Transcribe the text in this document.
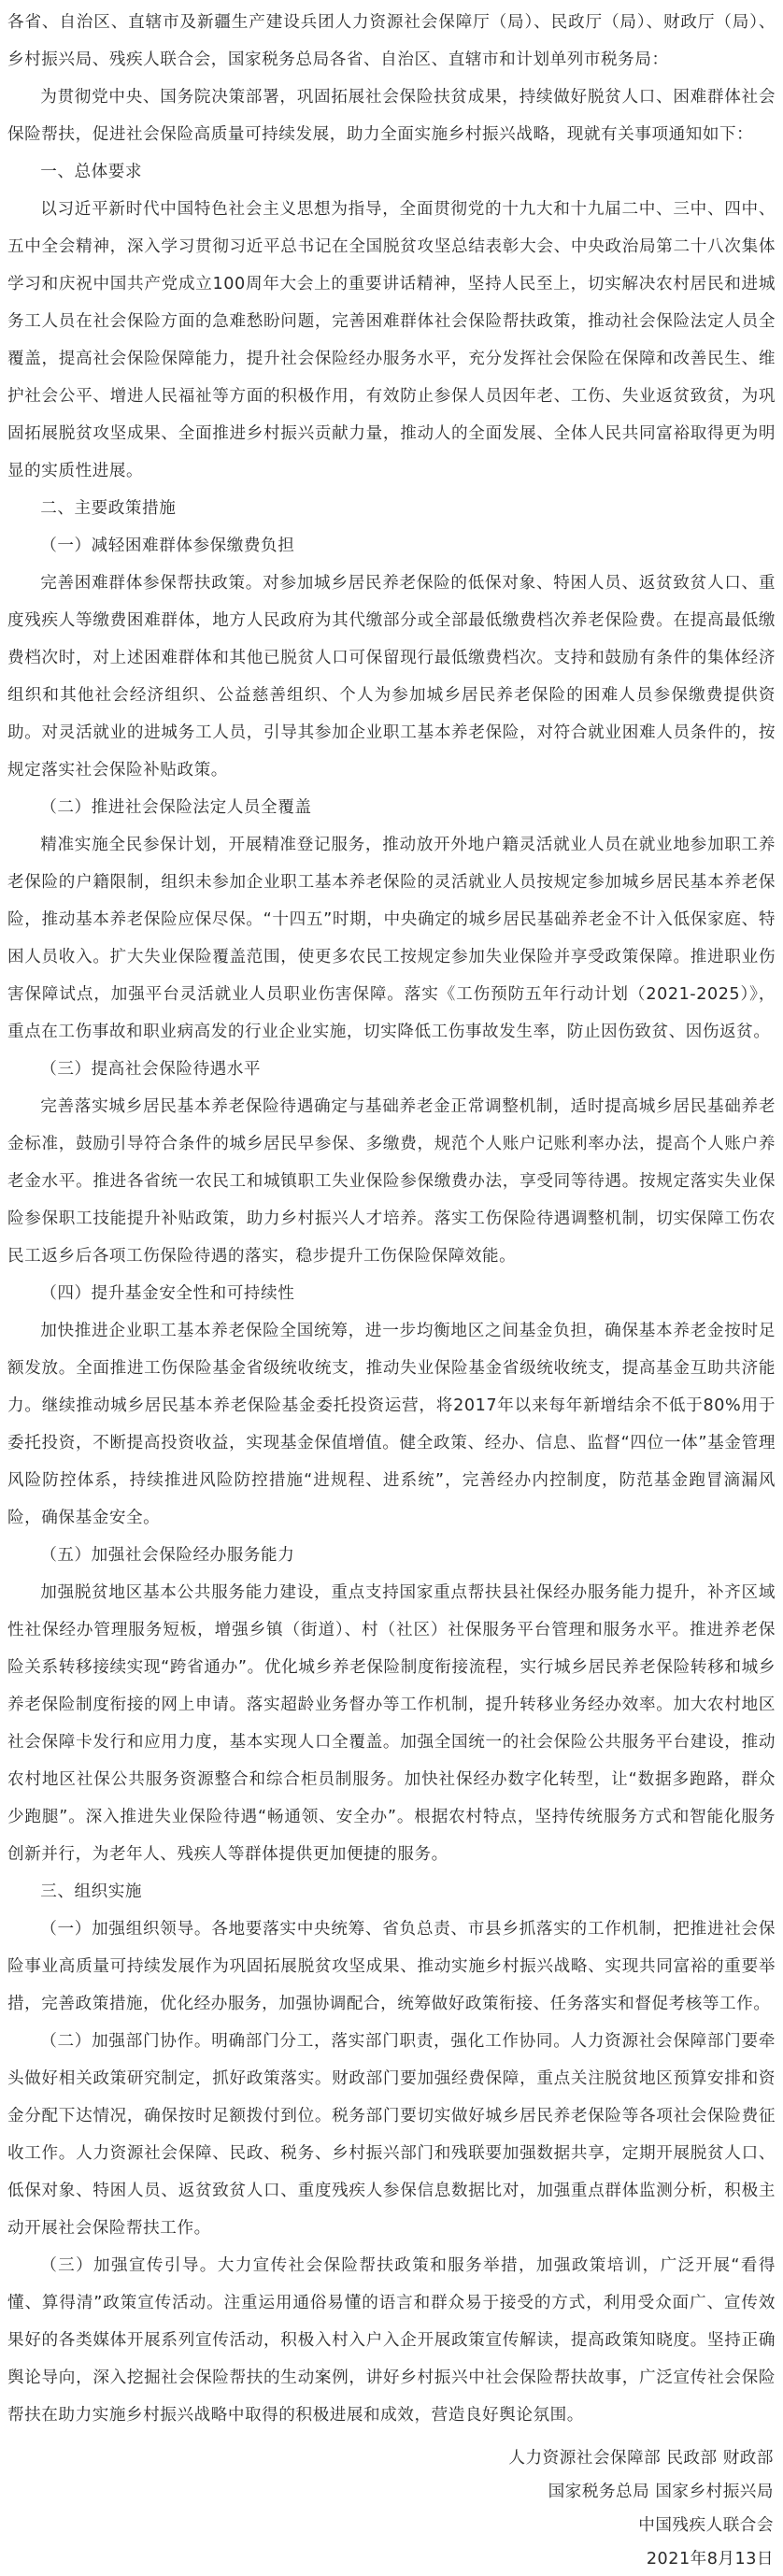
各省、自治区、直辖市及新疆生产建设兵团人力资源社会保障厅（局）、民政厅（局）、财政厅（局）、乡村振兴局、残疾人联合会，国家税务总局各省、自治区、直辖市和计划单列市税务局：

为贯彻党中央、国务院决策部署，巩固拓展社会保险扶贫成果，持续做好脱贫人口、困难群体社会保险帮扶，促进社会保险高质量可持续发展，助力全面实施乡村振兴战略，现就有关事项通知如下：

一、总体要求

以习近平新时代中国特色社会主义思想为指导，全面贯彻党的十九大和十九届二中、三中、四中、五中全会精神，深入学习贯彻习近平总书记在全国脱贫攻坚总结表彰大会、中央政治局第二十八次集体学习和庆祝中国共产党成立100周年大会上的重要讲话精神，坚持人民至上，切实解决农村居民和进城务工人员在社会保险方面的急难愁盼问题，完善困难群体社会保险帮扶政策，推动社会保险法定人员全覆盖，提高社会保险保障能力，提升社会保险经办服务水平，充分发挥社会保险在保障和改善民生、维护社会公平、增进人民福祉等方面的积极作用，有效防止参保人员因年老、工伤、失业返贫致贫，为巩固拓展脱贫攻坚成果、全面推进乡村振兴贡献力量，推动人的全面发展、全体人民共同富裕取得更为明显的实质性进展。

二、主要政策措施

（一）减轻困难群体参保缴费负担

完善困难群体参保帮扶政策。对参加城乡居民养老保险的低保对象、特困人员、返贫致贫人口、重度残疾人等缴费困难群体，地方人民政府为其代缴部分或全部最低缴费档次养老保险费。在提高最低缴费档次时，对上述困难群体和其他已脱贫人口可保留现行最低缴费档次。支持和鼓励有条件的集体经济组织和其他社会经济组织、公益慈善组织、个人为参加城乡居民养老保险的困难人员参保缴费提供资助。对灵活就业的进城务工人员，引导其参加企业职工基本养老保险，对符合就业困难人员条件的，按规定落实社会保险补贴政策。

（二）推进社会保险法定人员全覆盖

精准实施全民参保计划，开展精准登记服务，推动放开外地户籍灵活就业人员在就业地参加职工养老保险的户籍限制，组织未参加企业职工基本养老保险的灵活就业人员按规定参加城乡居民基本养老保险，推动基本养老保险应保尽保。“十四五”时期，中央确定的城乡居民基础养老金不计入低保家庭、特困人员收入。扩大失业保险覆盖范围，使更多农民工按规定参加失业保险并享受政策保障。推进职业伤害保障试点，加强平台灵活就业人员职业伤害保障。落实《工伤预防五年行动计划（2021-2025）》，重点在工伤事故和职业病高发的行业企业实施，切实降低工伤事故发生率，防止因伤致贫、因伤返贫。

（三）提高社会保险待遇水平

完善落实城乡居民基本养老保险待遇确定与基础养老金正常调整机制，适时提高城乡居民基础养老金标准，鼓励引导符合条件的城乡居民早参保、多缴费，规范个人账户记账利率办法，提高个人账户养老金水平。推进各省统一农民工和城镇职工失业保险参保缴费办法，享受同等待遇。按规定落实失业保险参保职工技能提升补贴政策，助力乡村振兴人才培养。落实工伤保险待遇调整机制，切实保障工伤农民工返乡后各项工伤保险待遇的落实，稳步提升工伤保险保障效能。

（四）提升基金安全性和可持续性

加快推进企业职工基本养老保险全国统筹，进一步均衡地区之间基金负担，确保基本养老金按时足额发放。全面推进工伤保险基金省级统收统支，推动失业保险基金省级统收统支，提高基金互助共济能力。继续推动城乡居民基本养老保险基金委托投资运营，将2017年以来每年新增结余不低于80%用于委托投资，不断提高投资收益，实现基金保值增值。健全政策、经办、信息、监督“四位一体”基金管理风险防控体系，持续推进风险防控措施“进规程、进系统”，完善经办内控制度，防范基金跑冒滴漏风险，确保基金安全。

（五）加强社会保险经办服务能力

加强脱贫地区基本公共服务能力建设，重点支持国家重点帮扶县社保经办服务能力提升，补齐区域性社保经办管理服务短板，增强乡镇（街道）、村（社区）社保服务平台管理和服务水平。推进养老保险关系转移接续实现“跨省通办”。优化城乡养老保险制度衔接流程，实行城乡居民养老保险转移和城乡养老保险制度衔接的网上申请。落实超龄业务督办等工作机制，提升转移业务经办效率。加大农村地区社会保障卡发行和应用力度，基本实现人口全覆盖。加强全国统一的社会保险公共服务平台建设，推动农村地区社保公共服务资源整合和综合柜员制服务。加快社保经办数字化转型，让“数据多跑路，群众少跑腿”。深入推进失业保险待遇“畅通领、安全办”。根据农村特点，坚持传统服务方式和智能化服务创新并行，为老年人、残疾人等群体提供更加便捷的服务。

三、组织实施

（一）加强组织领导。各地要落实中央统筹、省负总责、市县乡抓落实的工作机制，把推进社会保险事业高质量可持续发展作为巩固拓展脱贫攻坚成果、推动实施乡村振兴战略、实现共同富裕的重要举措，完善政策措施，优化经办服务，加强协调配合，统筹做好政策衔接、任务落实和督促考核等工作。

（二）加强部门协作。明确部门分工，落实部门职责，强化工作协同。人力资源社会保障部门要牵头做好相关政策研究制定，抓好政策落实。财政部门要加强经费保障，重点关注脱贫地区预算安排和资金分配下达情况，确保按时足额拨付到位。税务部门要切实做好城乡居民养老保险等各项社会保险费征收工作。人力资源社会保障、民政、税务、乡村振兴部门和残联要加强数据共享，定期开展脱贫人口、低保对象、特困人员、返贫致贫人口、重度残疾人参保信息数据比对，加强重点群体监测分析，积极主动开展社会保险帮扶工作。

（三）加强宣传引导。大力宣传社会保险帮扶政策和服务举措，加强政策培训，广泛开展“看得懂、算得清”政策宣传活动。注重运用通俗易懂的语言和群众易于接受的方式，利用受众面广、宣传效果好的各类媒体开展系列宣传活动，积极入村入户入企开展政策宣传解读，提高政策知晓度。坚持正确舆论导向，深入挖掘社会保险帮扶的生动案例，讲好乡村振兴中社会保险帮扶故事，广泛宣传社会保险帮扶在助力实施乡村振兴战略中取得的积极进展和成效，营造良好舆论氛围。

人力资源社会保障部 民政部 财政部

国家税务总局 国家乡村振兴局

中国残疾人联合会

2021年8月13日
